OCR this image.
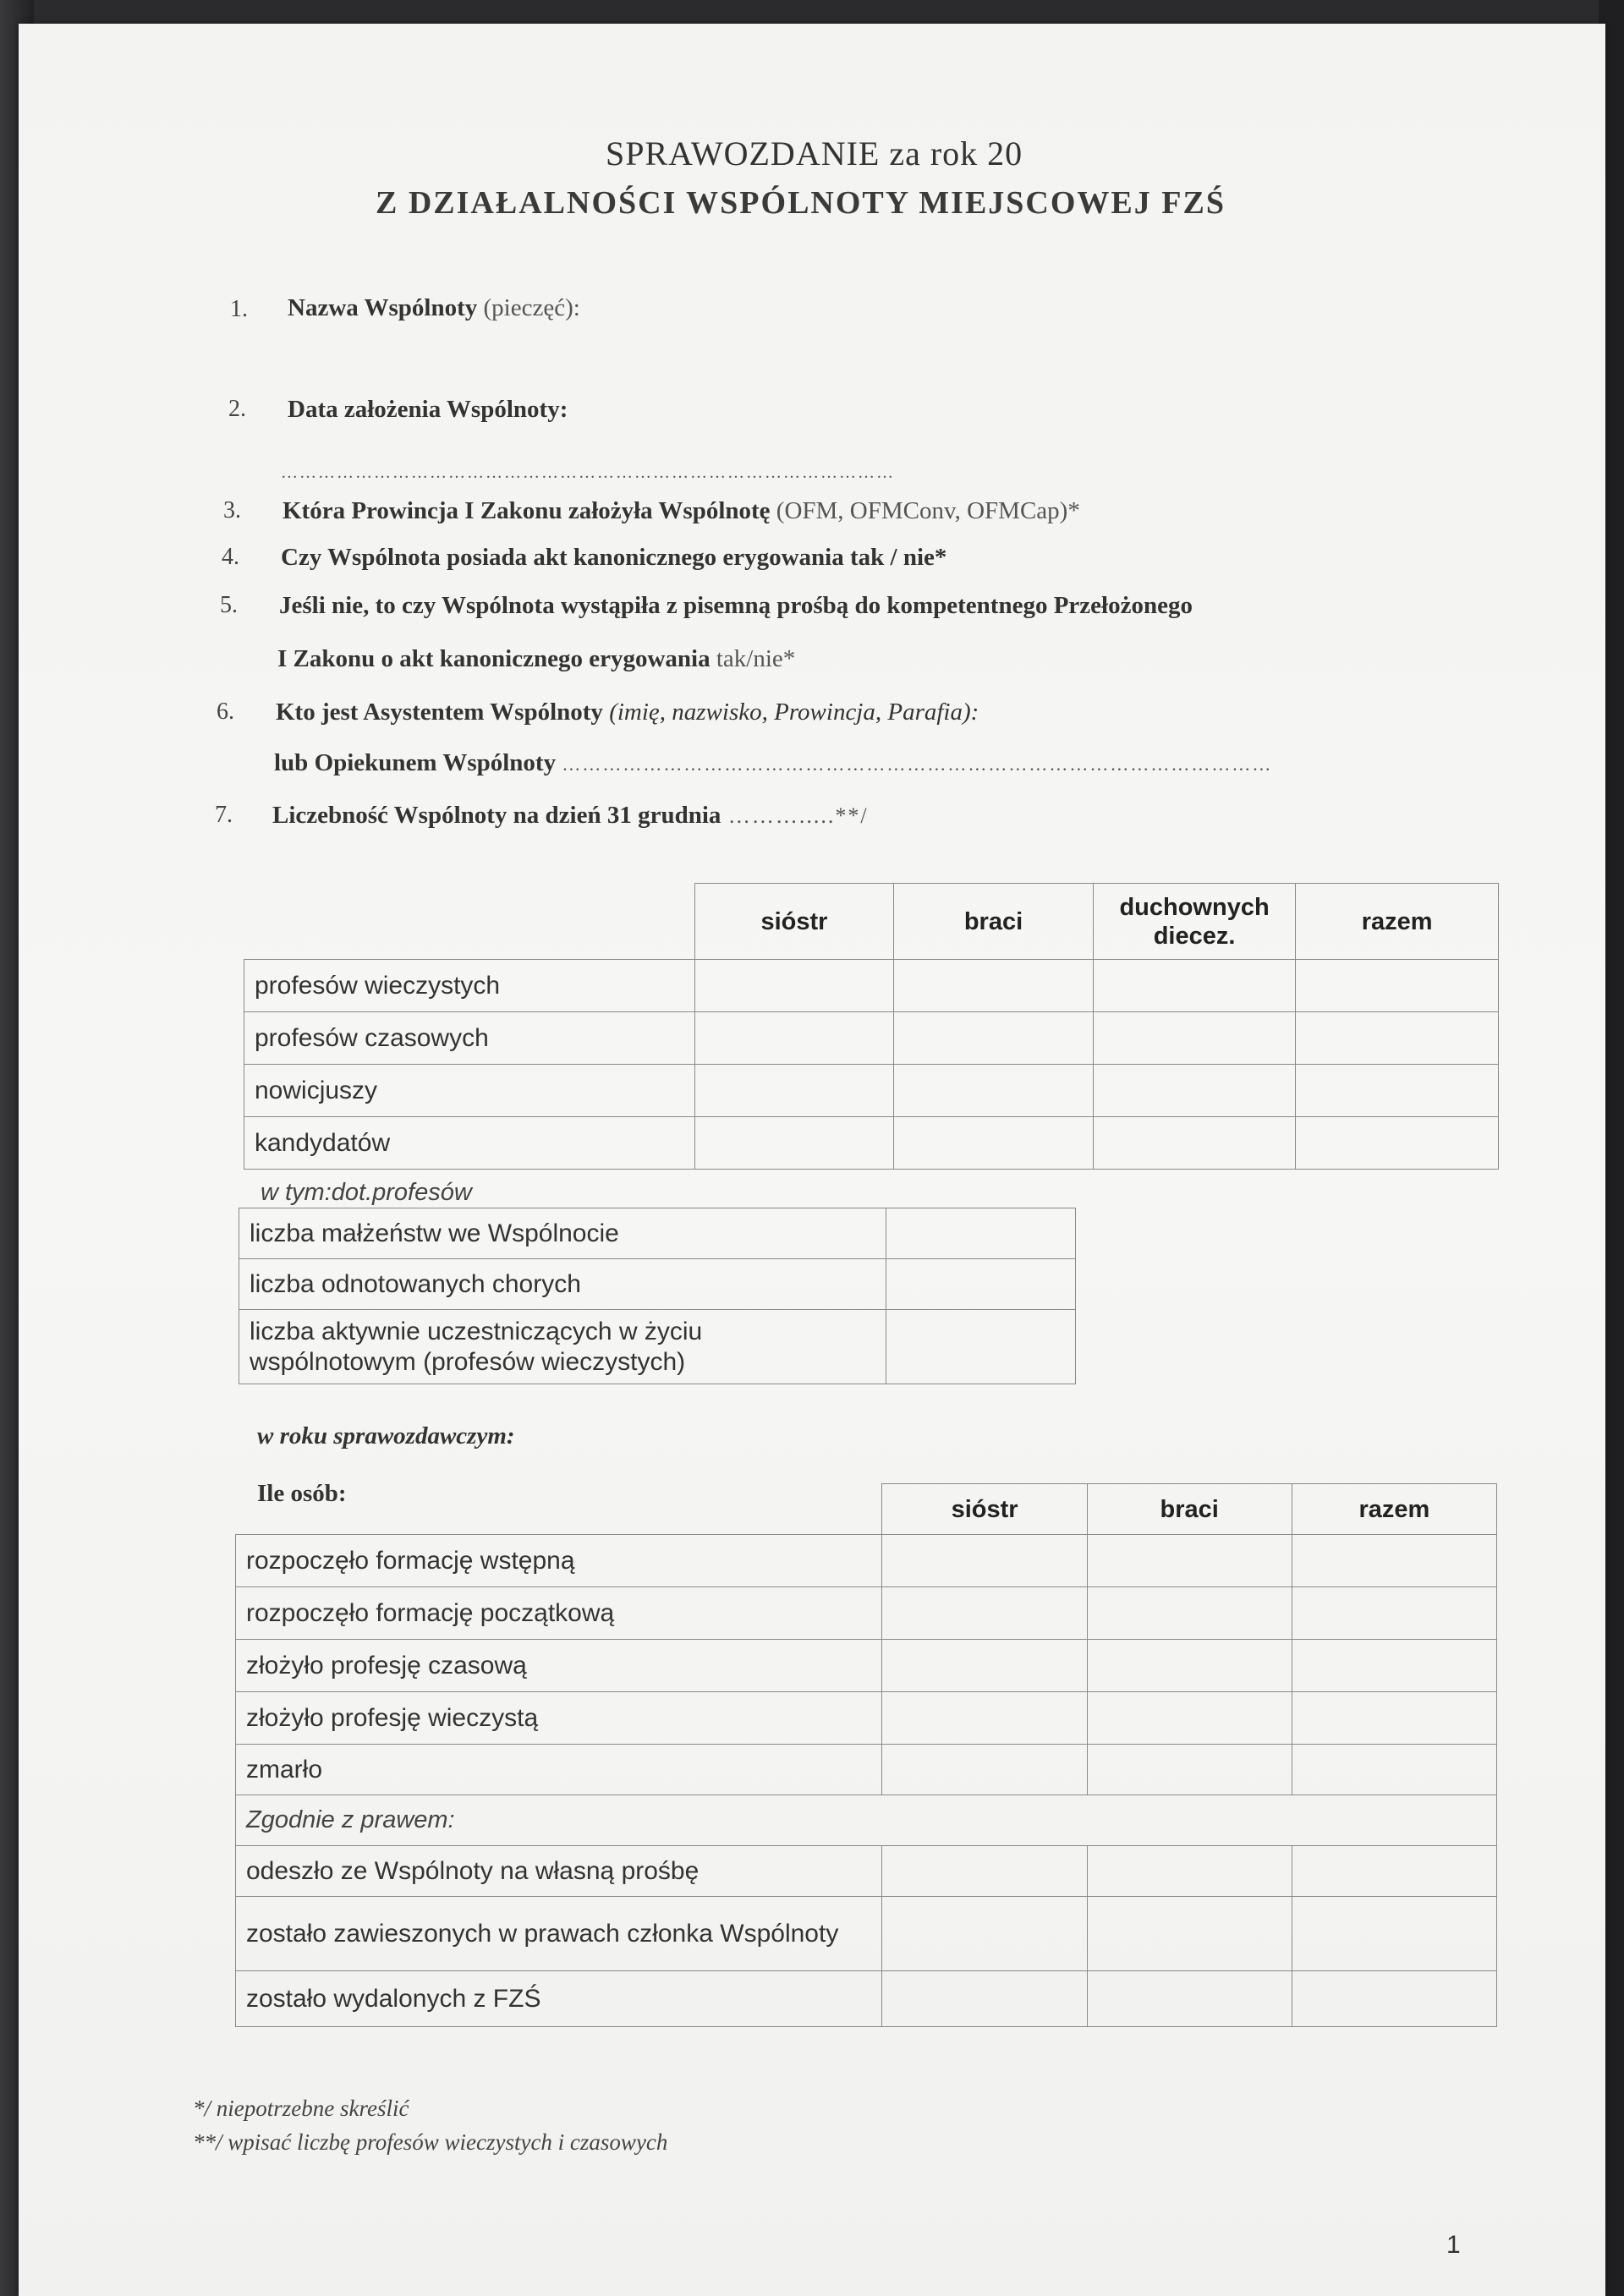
SPRAWOZDANIE za rok 20
Z DZIAŁALNOŚCI WSPÓLNOTY MIEJSCOWEJ FZŚ
1. Nazwa Wspólnoty (pieczęć):
2. Data założenia Wspólnoty:
………………………………………………………………………………………
3. Która Prowincja I Zakonu założyła Wspólnotę (OFM, OFMConv, OFMCap)*
4. Czy Wspólnota posiada akt kanonicznego erygowania tak / nie*
5. Jeśli nie, to czy Wspólnota wystąpiła z pisemną prośbą do kompetentnego Przełożonego
I Zakonu o akt kanonicznego erygowania tak/nie*
6. Kto jest Asystentem Wspólnoty (imię, nazwisko, Prowincja, Parafia):
lub Opiekunem Wspólnoty ……………………………………………………………………………………………
7. Liczebność Wspólnoty na dzień 31 grudnia ……….....**/
	sióstr	braci	duchownych diecez.	razem
profesów wieczystych				
profesów czasowych				
nowicjuszy				
kandydatów				
w tym:dot.profesów
liczba małżeństw we Wspólnocie	
liczba odnotowanych chorych	
liczba aktywnie uczestniczących w życiu wspólnotowym (profesów wieczystych)	
w roku sprawozdawczym:
Ile osób:
	sióstr	braci	razem
rozpoczęło formację wstępną			
rozpoczęło formację początkową			
złożyło profesję czasową			
złożyło profesję wieczystą			
zmarło			
Zgodnie z prawem:			
odeszło ze Wspólnoty na własną prośbę			
zostało zawieszonych w prawach członka Wspólnoty			
zostało wydalonych z FZŚ			
*/ niepotrzebne skreślić
**/ wpisać liczbę profesów wieczystych i czasowych
1
